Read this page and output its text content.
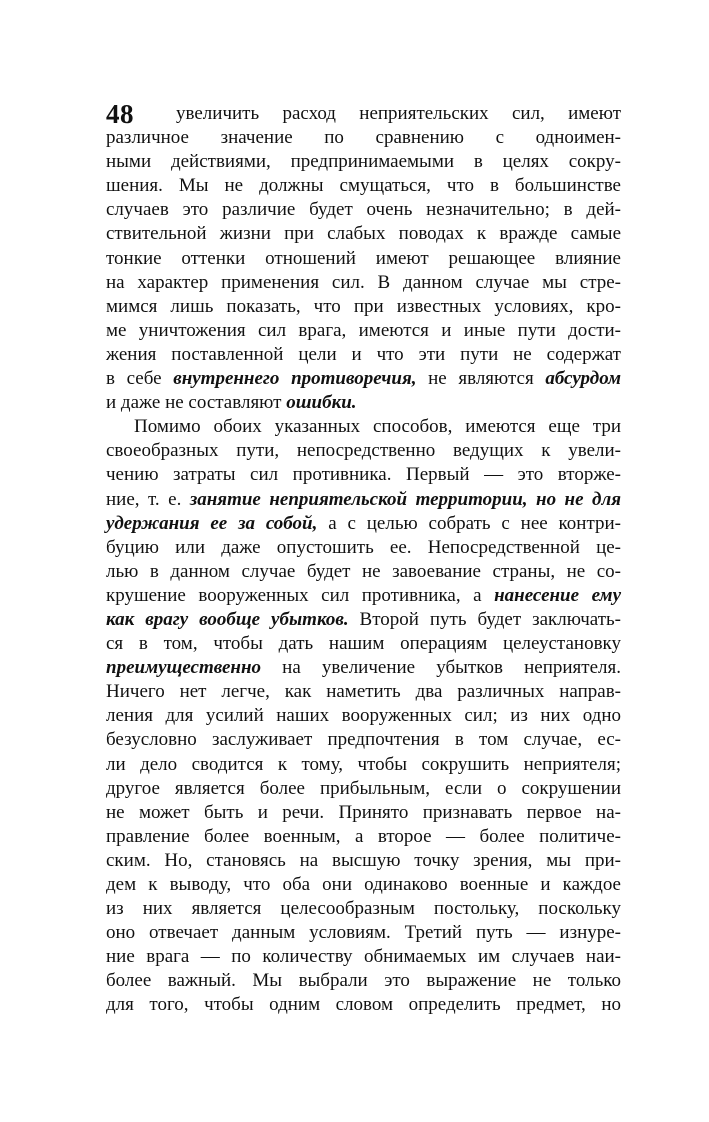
48 увеличить расход неприятельских сил, имеют
различное значение по сравнению с одноимен-
ными действиями, предпринимаемыми в целях сокру-
шения. Мы не должны смущаться, что в большинстве
случаев это различие будет очень незначительно; в дей-
ствительной жизни при слабых поводах к вражде самые
тонкие оттенки отношений имеют решающее влияние
на характер применения сил. В данном случае мы стре-
мимся лишь показать, что при известных условиях, кро-
ме уничтожения сил врага, имеются и иные пути дости-
жения поставленной цели и что эти пути не содержат
в себе внутреннего противоречия, не являются абсурдом
и даже не составляют ошибки.
Помимо обоих указанных способов, имеются еще три
своеобразных пути, непосредственно ведущих к увели-
чению затраты сил противника. Первый — это вторже-
ние, т. е. занятие неприятельской территории, но не для
удержания ее за собой, а с целью собрать с нее контри-
буцию или даже опустошить ее. Непосредственной це-
лью в данном случае будет не завоевание страны, не со-
крушение вооруженных сил противника, а нанесение ему
как врагу вообще убытков. Второй путь будет заключать-
ся в том, чтобы дать нашим операциям целеустановку
преимущественно на увеличение убытков неприятеля.
Ничего нет легче, как наметить два различных направ-
ления для усилий наших вооруженных сил; из них одно
безусловно заслуживает предпочтения в том случае, ес-
ли дело сводится к тому, чтобы сокрушить неприятеля;
другое является более прибыльным, если о сокрушении
не может быть и речи. Принято признавать первое на-
правление более военным, а второе — более политиче-
ским. Но, становясь на высшую точку зрения, мы при-
дем к выводу, что оба они одинаково военные и каждое
из них является целесообразным постольку, поскольку
оно отвечает данным условиям. Третий путь — изнуре-
ние врага — по количеству обнимаемых им случаев наи-
более важный. Мы выбрали это выражение не только
для того, чтобы одним словом определить предмет, но
